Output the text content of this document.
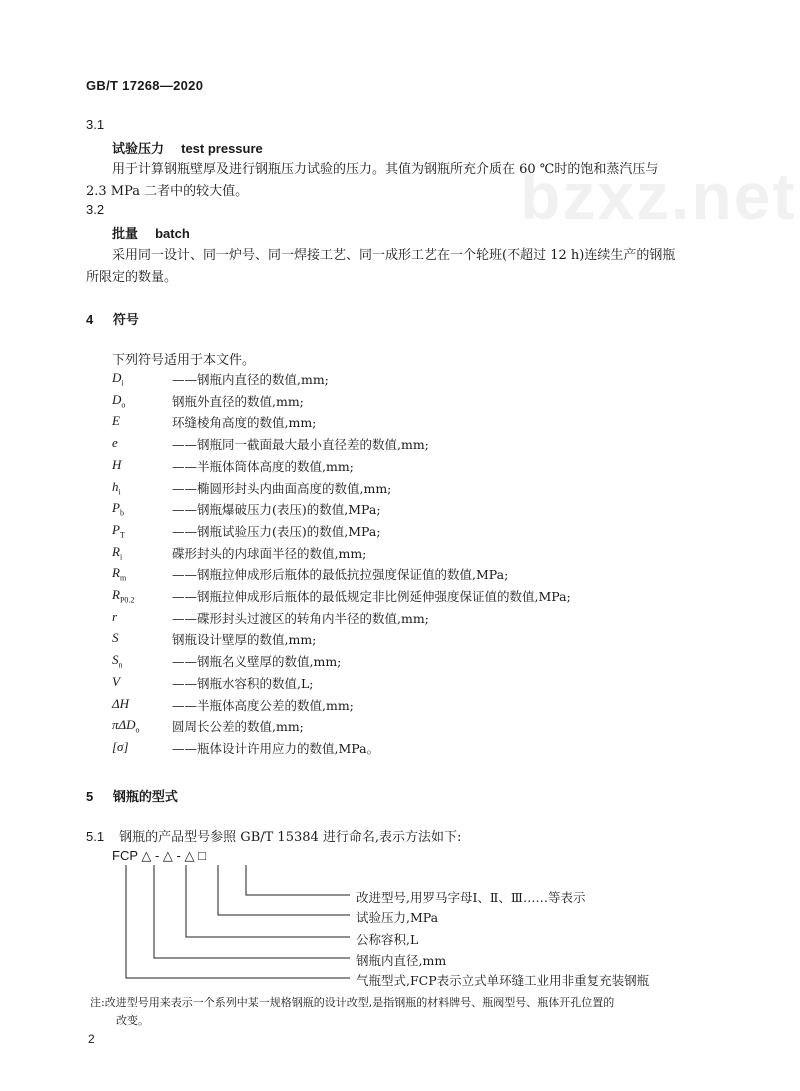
GB/T 17268—2020
bzxz.net
3.1
试验压力 test pressure
用于计算钢瓶壁厚及进行钢瓶压力试验的压力。其值为钢瓶所充介质在 60 ℃时的饱和蒸汽压与
2.3 MPa 二者中的较大值。
3.2
批量 batch
采用同一设计、同一炉号、同一焊接工艺、同一成形工艺在一个轮班(不超过 12 h)连续生产的钢瓶
所限定的数量。
4 符号
下列符号适用于本文件。
$D_i$	——钢瓶内直径的数值,mm;
$D_o$	钢瓶外直径的数值,mm;
E	环缝棱角高度的数值,mm;
e	——钢瓶同一截面最大最小直径差的数值,mm;
H	——半瓶体筒体高度的数值,mm;
$h_i$	——椭圆形封头内曲面高度的数值,mm;
$P_b$	——钢瓶爆破压力(表压)的数值,MPa;
$P_T$	——钢瓶试验压力(表压)的数值,MPa;
$R_i$	碟形封头的内球面半径的数值,mm;
$R_m$	——钢瓶拉伸成形后瓶体的最低抗拉强度保证值的数值,MPa;
$R_{P0.2}$	——钢瓶拉伸成形后瓶体的最低规定非比例延伸强度保证值的数值,MPa;
r	——碟形封头过渡区的转角内半径的数值,mm;
S	钢瓶设计壁厚的数值,mm;
$S_n$	——钢瓶名义壁厚的数值,mm;
V	——钢瓶水容积的数值,L;
ΔH	——半瓶体高度公差的数值,mm;
πΔD$_o$	圆周长公差的数值,mm;
[σ]	——瓶体设计许用应力的数值,MPa。
5 钢瓶的型式
5.1 钢瓶的产品型号参照 GB/T 15384 进行命名,表示方法如下:
FCP △ - △ - △ □
改进型号,用罗马字母Ⅰ、Ⅱ、Ⅲ……等表示
试验压力,MPa
公称容积,L
钢瓶内直径,mm
气瓶型式,FCP表示立式单环缝工业用非重复充装钢瓶
注:改进型号用来表示一个系列中某一规格钢瓶的设计改型,是指钢瓶的材料牌号、瓶阀型号、瓶体开孔位置的
改变。
2
